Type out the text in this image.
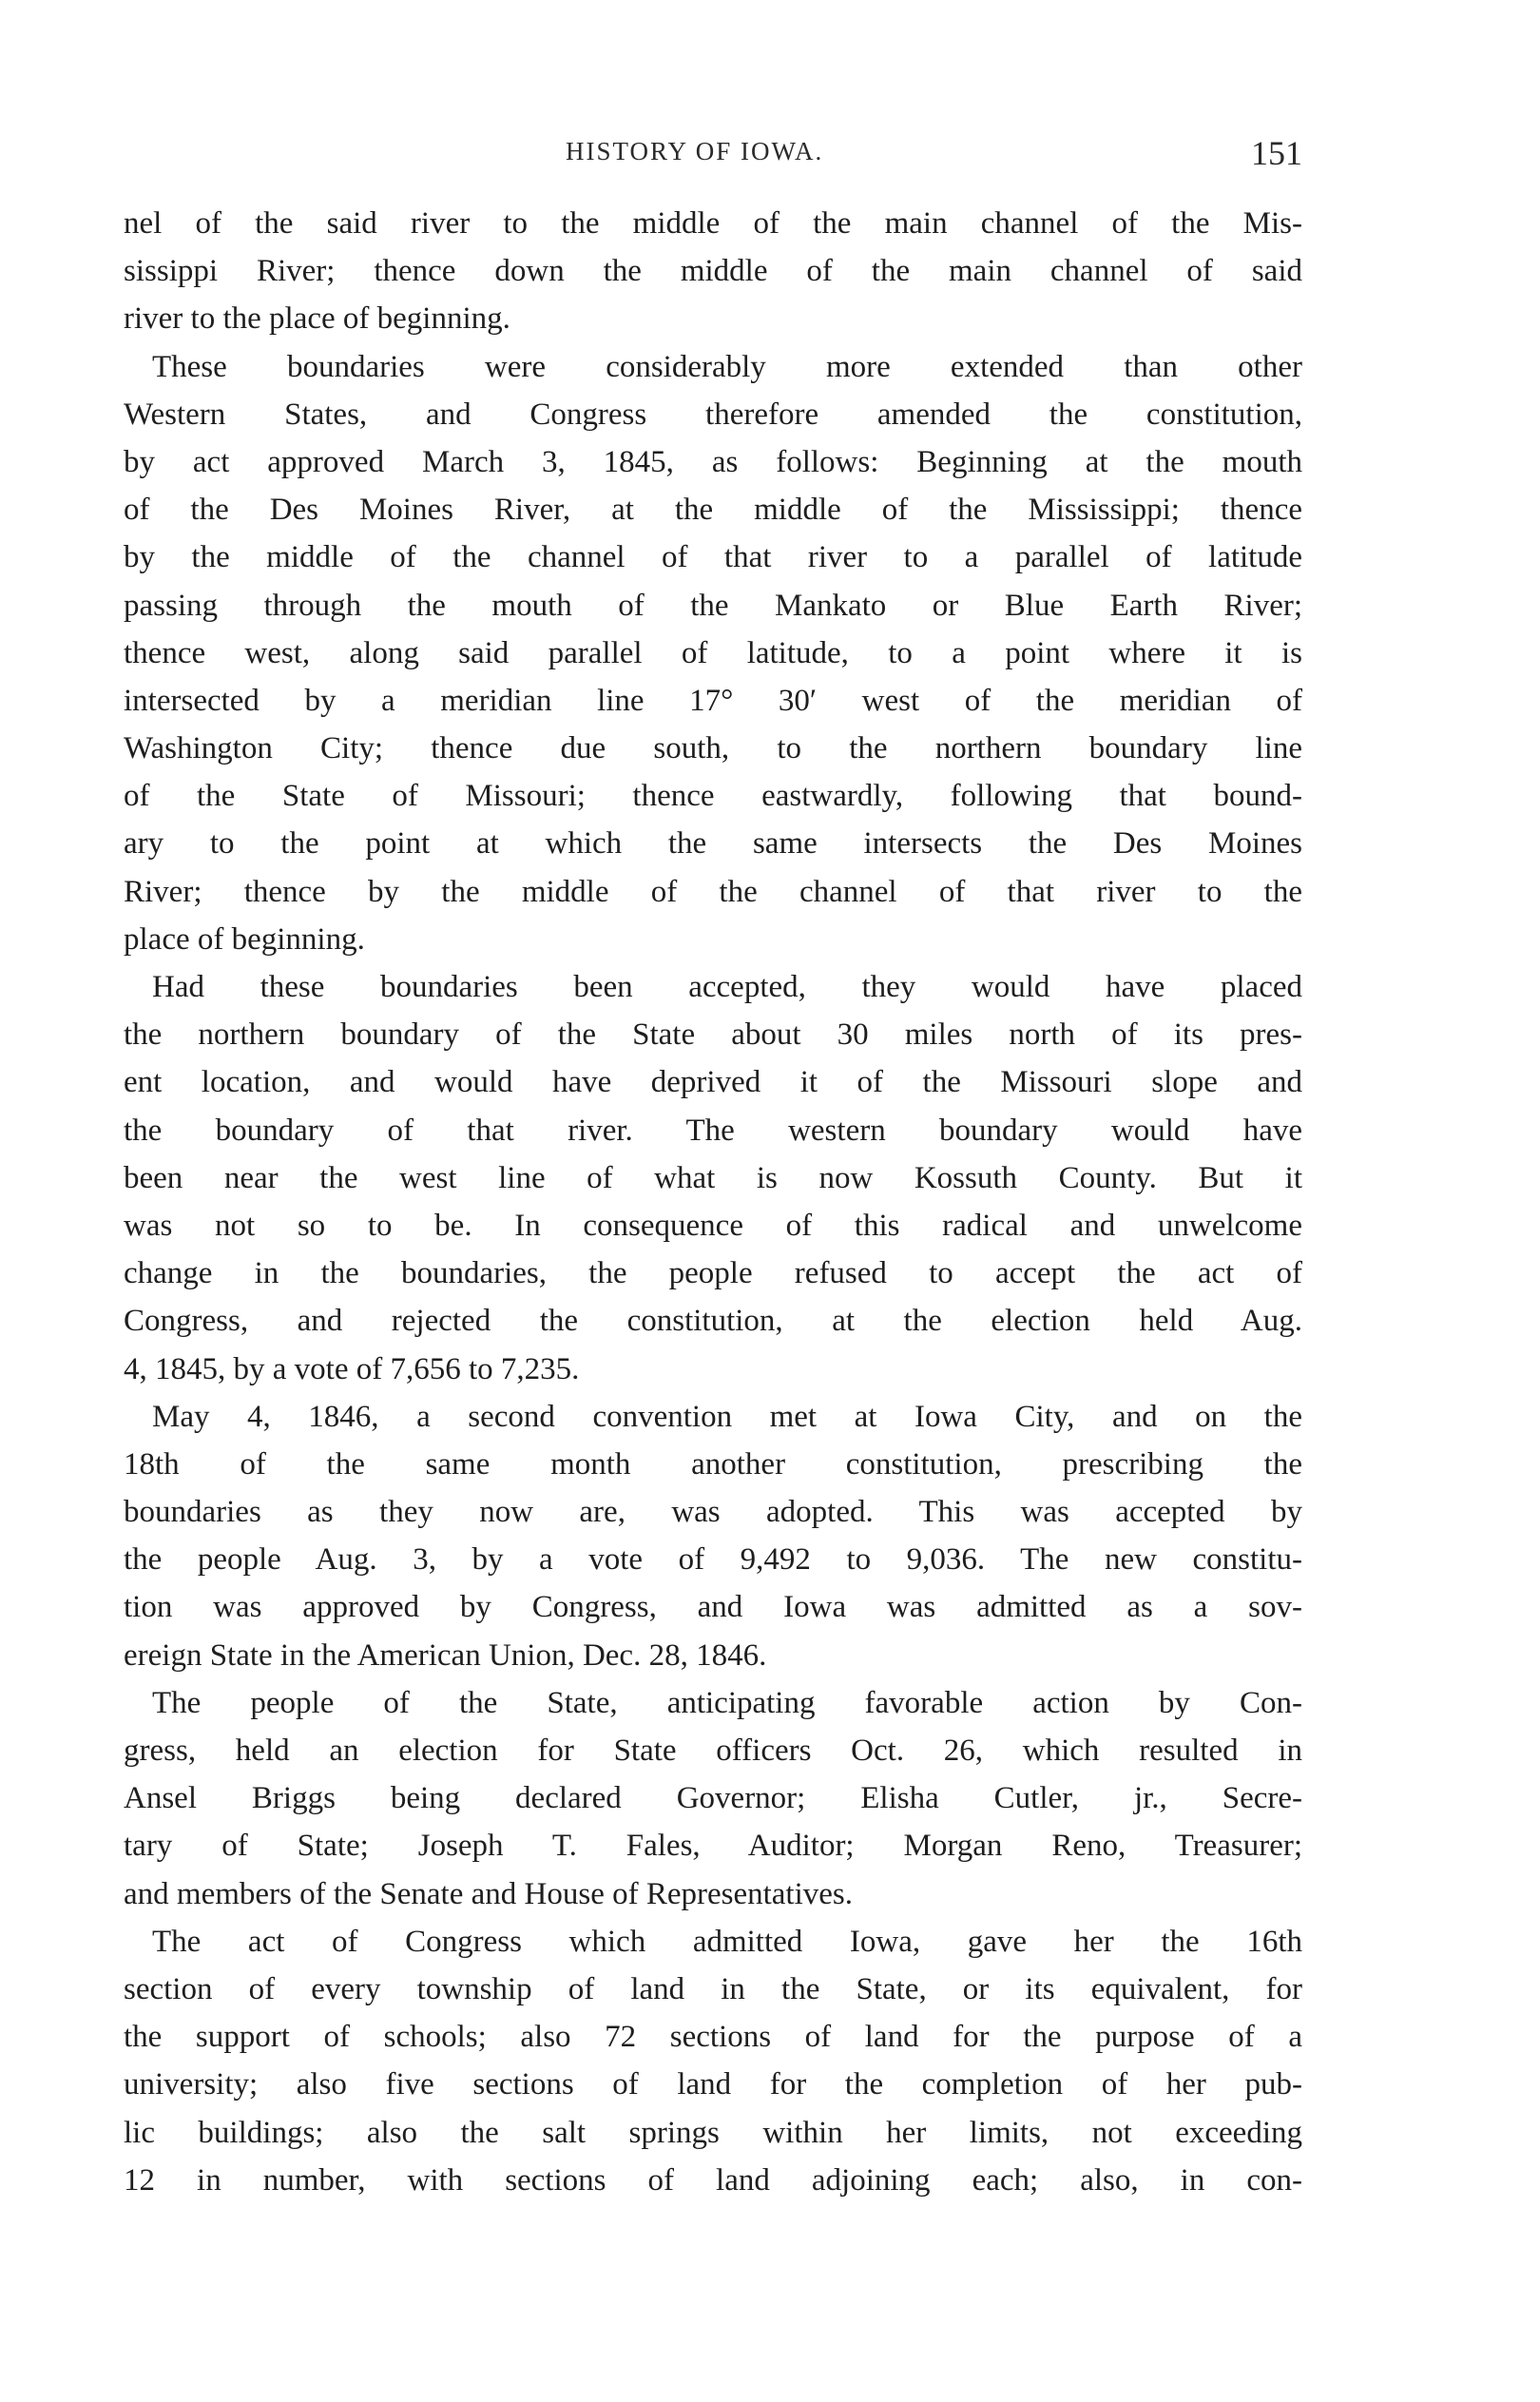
HISTORY OF IOWA.	151
nel of the said river to the middle of the main channel of the Mis-
sissippi River; thence down the middle of the main channel of said
river to the place of beginning.
These boundaries were considerably more extended than other
Western States, and Congress therefore amended the constitution,
by act approved March 3, 1845, as follows: Beginning at the mouth
of the Des Moines River, at the middle of the Mississippi; thence
by the middle of the channel of that river to a parallel of latitude
passing through the mouth of the Mankato or Blue Earth River;
thence west, along said parallel of latitude, to a point where it is
intersected by a meridian line 17° 30′ west of the meridian of
Washington City; thence due south, to the northern boundary line
of the State of Missouri; thence eastwardly, following that bound-
ary to the point at which the same intersects the Des Moines
River; thence by the middle of the channel of that river to the
place of beginning.
Had these boundaries been accepted, they would have placed
the northern boundary of the State about 30 miles north of its pres-
ent location, and would have deprived it of the Missouri slope and
the boundary of that river. The western boundary would have
been near the west line of what is now Kossuth County. But it
was not so to be. In consequence of this radical and unwelcome
change in the boundaries, the people refused to accept the act of
Congress, and rejected the constitution, at the election held Aug.
4, 1845, by a vote of 7,656 to 7,235.
May 4, 1846, a second convention met at Iowa City, and on the
18th of the same month another constitution, prescribing the
boundaries as they now are, was adopted. This was accepted by
the people Aug. 3, by a vote of 9,492 to 9,036. The new constitu-
tion was approved by Congress, and Iowa was admitted as a sov-
ereign State in the American Union, Dec. 28, 1846.
The people of the State, anticipating favorable action by Con-
gress, held an election for State officers Oct. 26, which resulted in
Ansel Briggs being declared Governor; Elisha Cutler, jr., Secre-
tary of State; Joseph T. Fales, Auditor; Morgan Reno, Treasurer;
and members of the Senate and House of Representatives.
The act of Congress which admitted Iowa, gave her the 16th
section of every township of land in the State, or its equivalent, for
the support of schools; also 72 sections of land for the purpose of a
university; also five sections of land for the completion of her pub-
lic buildings; also the salt springs within her limits, not exceeding
12 in number, with sections of land adjoining each; also, in con-
